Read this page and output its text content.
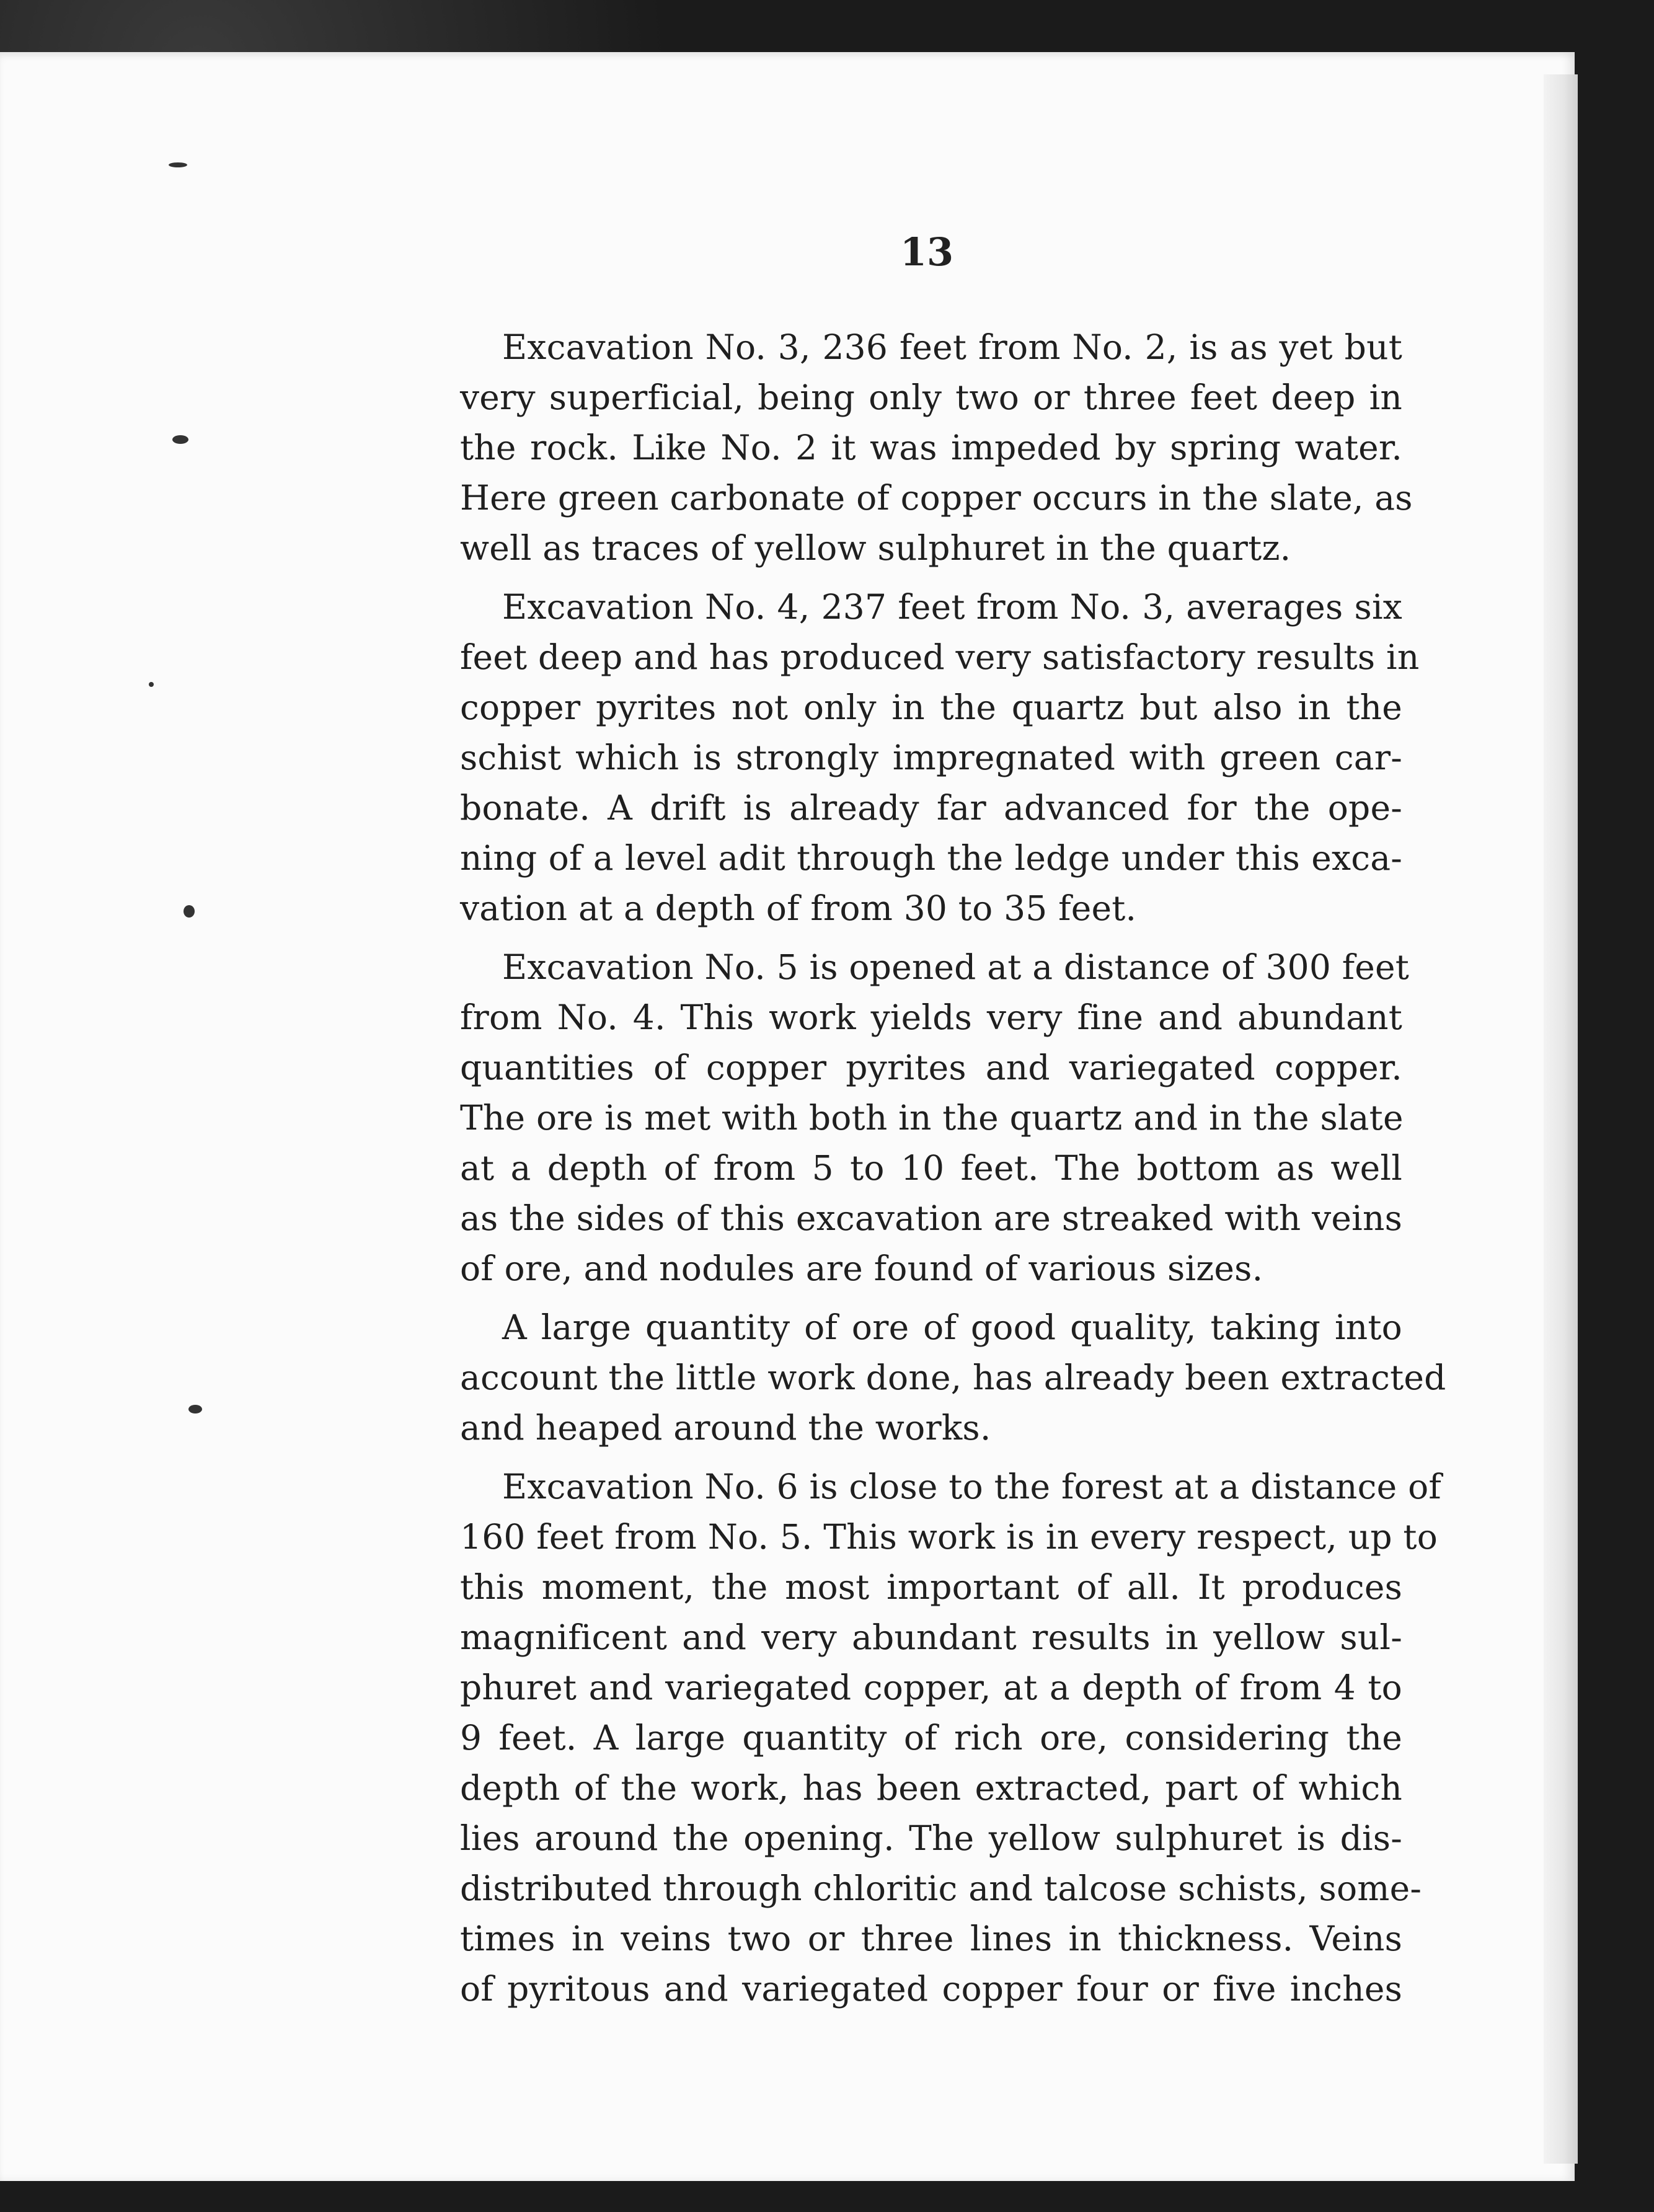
13

Excavation No. 3, 236 feet from No. 2, is as yet but
very superficial, being only two or three feet deep in
the rock. Like No. 2 it was impeded by spring water.
Here green carbonate of copper occurs in the slate, as
well as traces of yellow sulphuret in the quartz.

Excavation No. 4, 237 feet from No. 3, averages six
feet deep and has produced very satisfactory results in
copper pyrites not only in the quartz but also in the
schist which is strongly impregnated with green car-
bonate. A drift is already far advanced for the ope-
ning of a level adit through the ledge under this exca-
vation at a depth of from 30 to 35 feet.

Excavation No. 5 is opened at a distance of 300 feet
from No. 4. This work yields very fine and abundant
quantities of copper pyrites and variegated copper.
The ore is met with both in the quartz and in the slate
at a depth of from 5 to 10 feet. The bottom as well
as the sides of this excavation are streaked with veins
of ore, and nodules are found of various sizes.

A large quantity of ore of good quality, taking into
account the little work done, has already been extracted
and heaped around the works.

Excavation No. 6 is close to the forest at a distance of
160 feet from No. 5. This work is in every respect, up to
this moment, the most important of all. It produces
magnificent and very abundant results in yellow sul-
phuret and variegated copper, at a depth of from 4 to
9 feet. A large quantity of rich ore, considering the
depth of the work, has been extracted, part of which
lies around the opening. The yellow sulphuret is dis-
distributed through chloritic and talcose schists, some-
times in veins two or three lines in thickness. Veins
of pyritous and variegated copper four or five inches
